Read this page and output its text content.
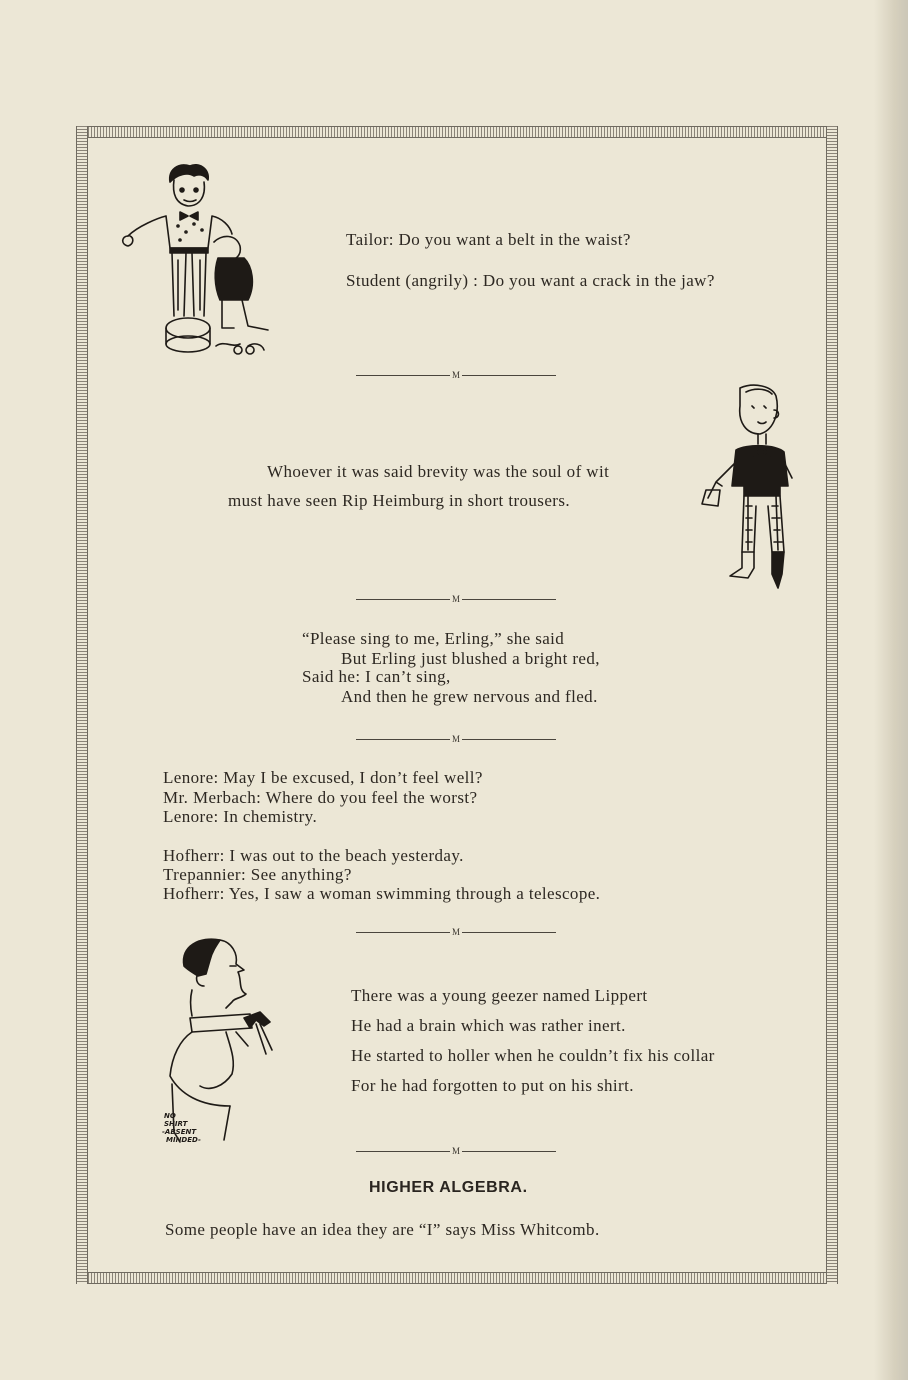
Tailor: Do you want a belt in the waist?
Student (angrily) : Do you want a crack in the jaw?
M
Whoever it was said brevity was the soul of wit
must have seen Rip Heimburg in short trousers.
M
“Please sing to me, Erling,” she said
But Erling just blushed a bright red,
Said he: I can’t sing,
And then he grew nervous and fled.
M
Lenore: May I be excused, I don’t feel well?
Mr. Merbach: Where do you feel the worst?
Lenore: In chemistry.
Hofherr: I was out to the beach yesterday.
Trepannier: See anything?
Hofherr: Yes, I saw a woman swimming through a telescope.
M
NO
SHIRT
-ABSENT
MINDED-
There was a young geezer named Lippert
He had a brain which was rather inert.
He started to holler when he couldn’t fix his collar
For he had forgotten to put on his shirt.
M
HIGHER ALGEBRA.
Some people have an idea they are “I” says Miss Whitcomb.
